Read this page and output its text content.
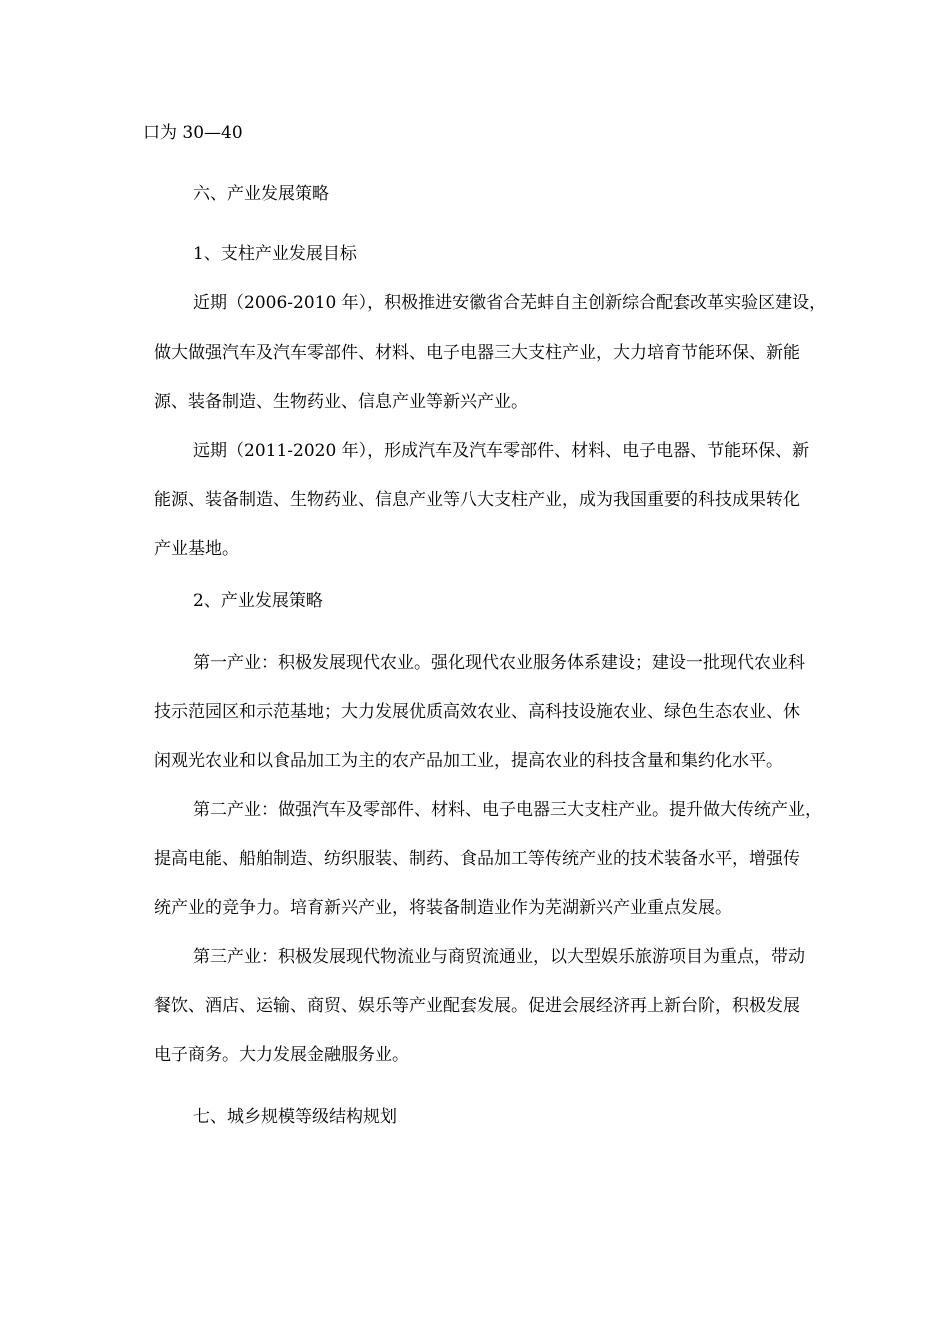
口为 30—40
六、产业发展策略
1、支柱产业发展目标
近期（2006-2010 年），积极推进安徽省合芜蚌自主创新综合配套改革实验区建设，
做大做强汽车及汽车零部件、材料、电子电器三大支柱产业，大力培育节能环保、新能
源、装备制造、生物药业、信息产业等新兴产业。
远期（2011-2020 年），形成汽车及汽车零部件、材料、电子电器、节能环保、新
能源、装备制造、生物药业、信息产业等八大支柱产业，成为我国重要的科技成果转化
产业基地。
2、产业发展策略
第一产业：积极发展现代农业。强化现代农业服务体系建设；建设一批现代农业科
技示范园区和示范基地；大力发展优质高效农业、高科技设施农业、绿色生态农业、休
闲观光农业和以食品加工为主的农产品加工业，提高农业的科技含量和集约化水平。
第二产业：做强汽车及零部件、材料、电子电器三大支柱产业。提升做大传统产业，
提高电能、船舶制造、纺织服装、制药、食品加工等传统产业的技术装备水平，增强传
统产业的竞争力。培育新兴产业，将装备制造业作为芜湖新兴产业重点发展。
第三产业：积极发展现代物流业与商贸流通业，以大型娱乐旅游项目为重点，带动
餐饮、酒店、运输、商贸、娱乐等产业配套发展。促进会展经济再上新台阶，积极发展
电子商务。大力发展金融服务业。
七、城乡规模等级结构规划
